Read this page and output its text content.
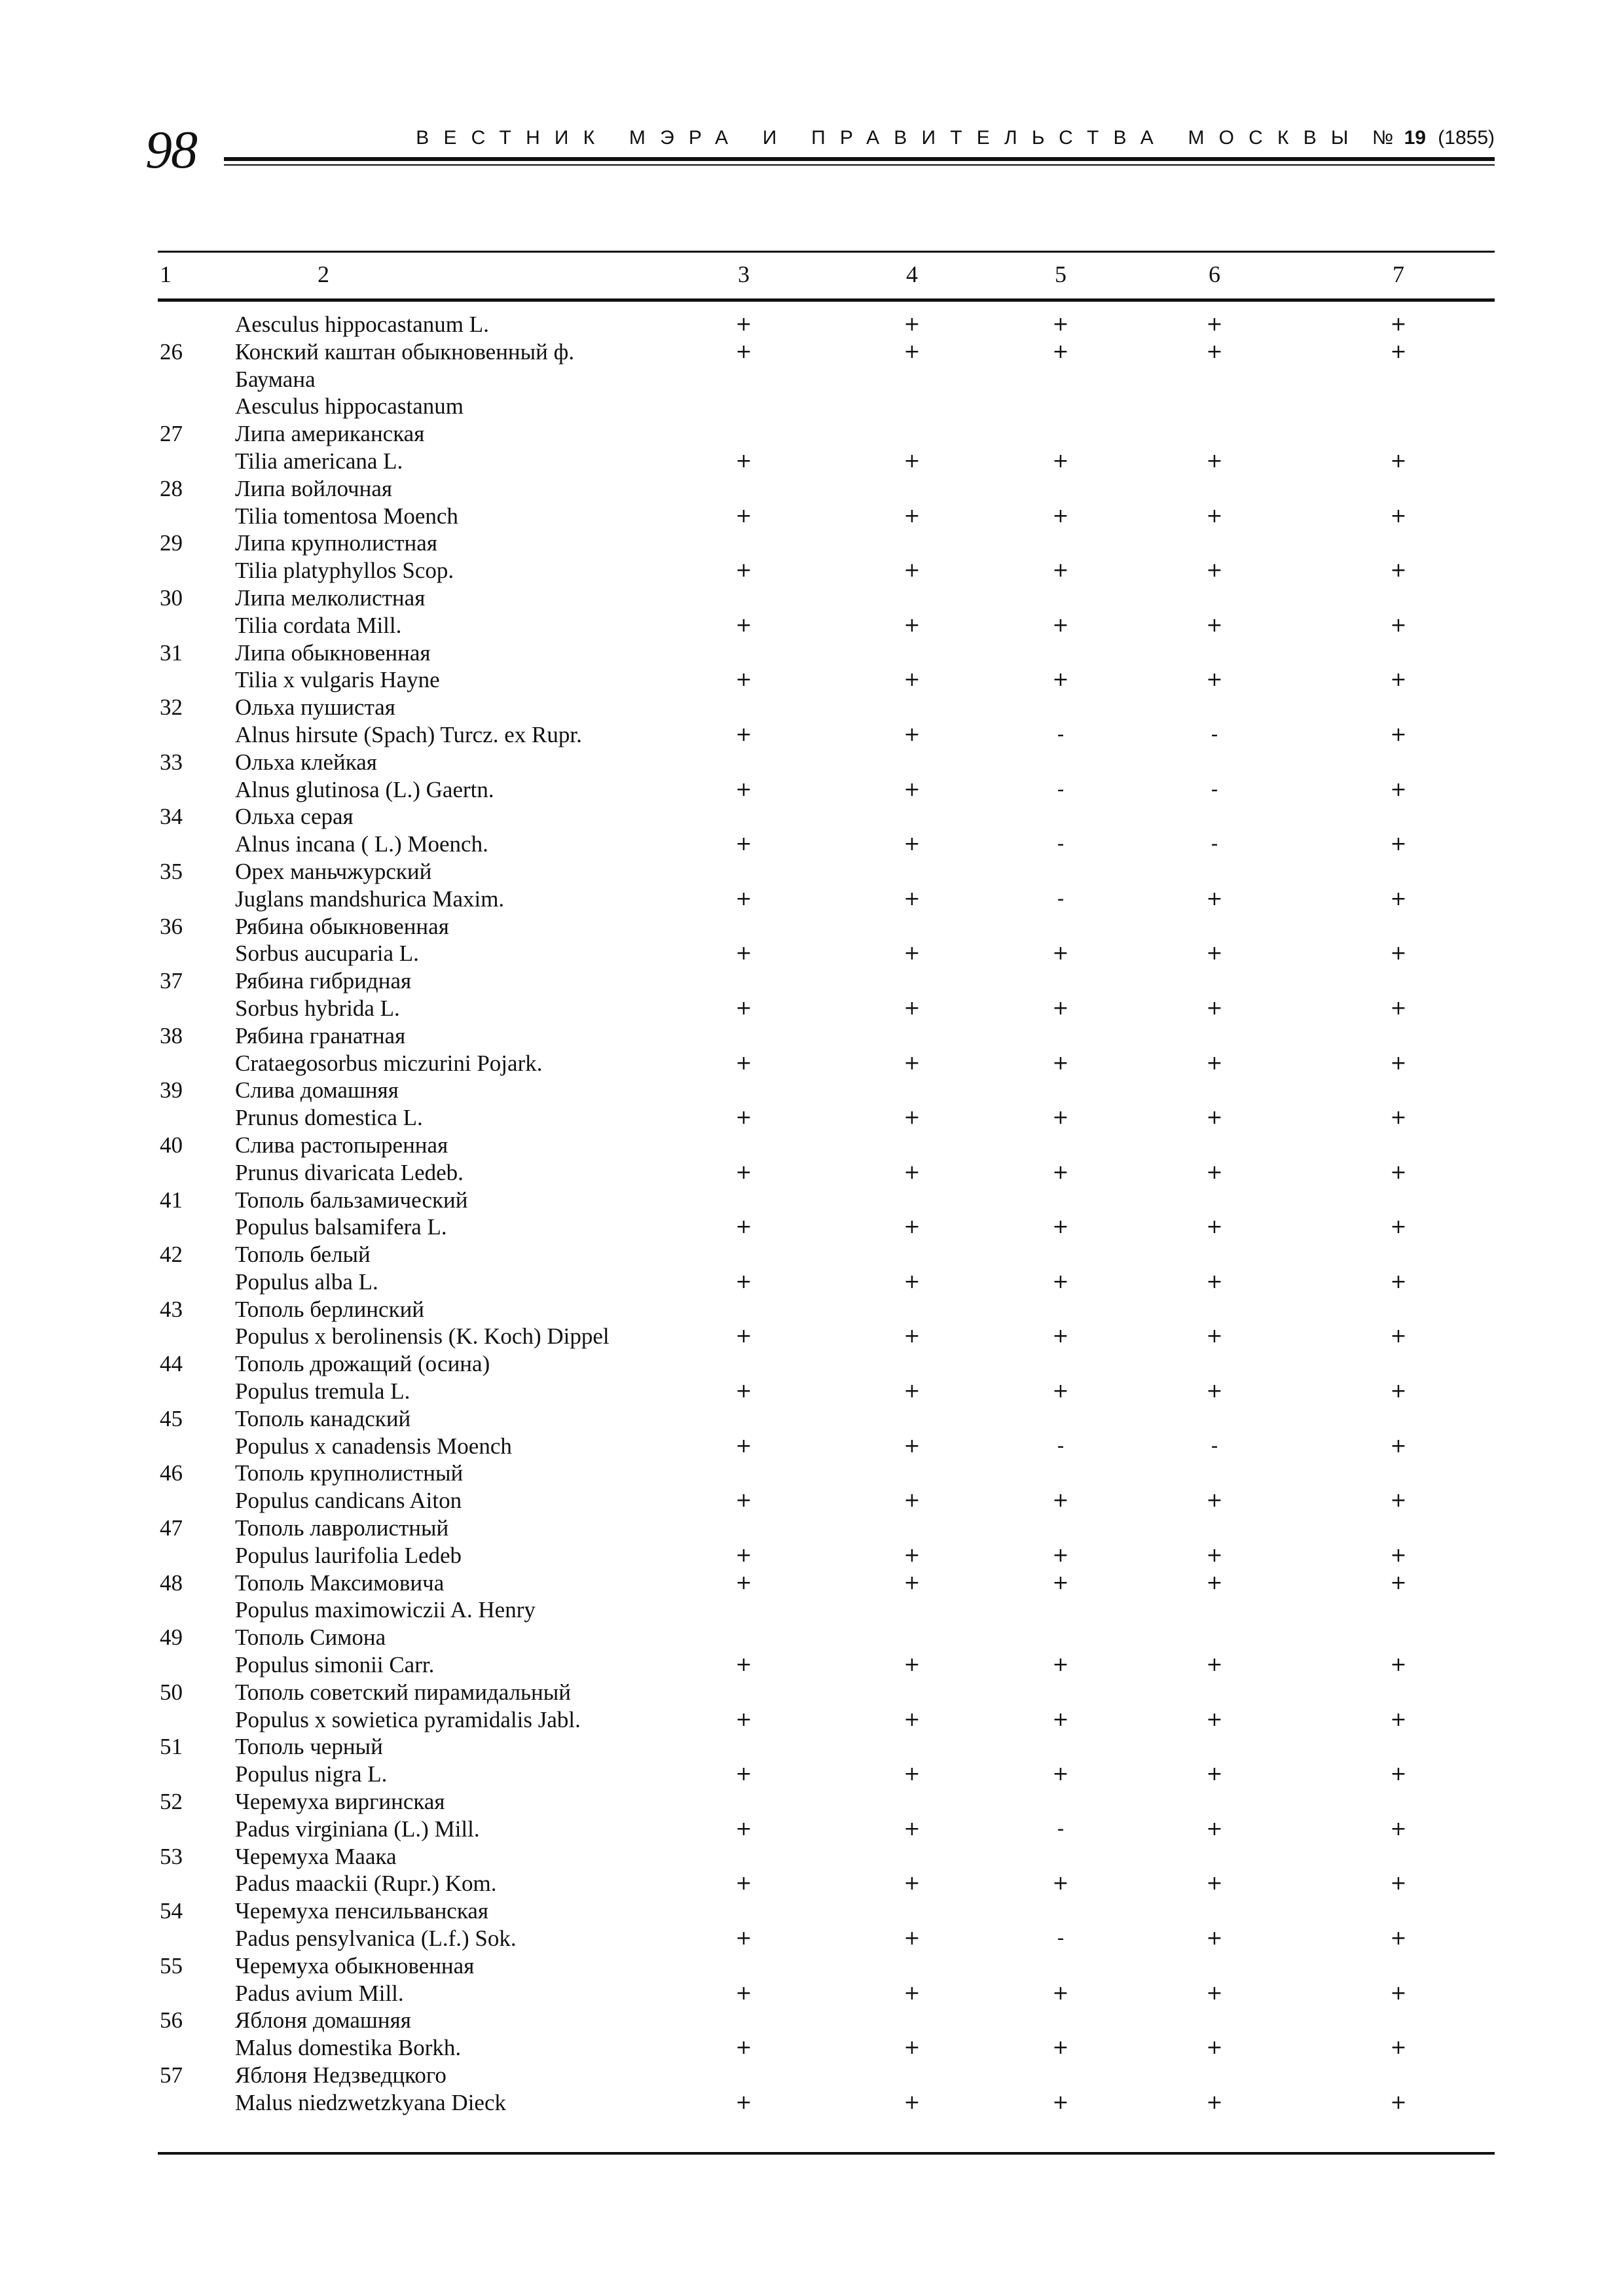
98	ВЕСТНИК МЭРА И ПРАВИТЕЛЬСТВА МОСКВЫ № 19 (1855)
1	2	3	4	5	6	7
Aesculus hippocastanum L.	+	+	+	+	+
26 Конский каштан обыкновенный ф.	+	+	+	+	+
Баумана
Aesculus hippocastanum
27 Липа американская
Tilia americana L.	+	+	+	+	+
28 Липа войлочная
Tilia tomentosa Moench	+	+	+	+	+
29 Липа крупнолистная
Tilia platyphyllos Scop.	+	+	+	+	+
30 Липа мелколистная
Tilia cordata Mill.	+	+	+	+	+
31 Липа обыкновенная
Tilia x vulgaris Hayne	+	+	+	+	+
32 Ольха пушистая
Alnus hirsute (Spach) Turcz. ex Rupr.	+	+	-	-	+
33 Ольха клейкая
Alnus glutinosa (L.) Gaertn.	+	+	-	-	+
34 Ольха серая
Alnus incana ( L.) Moench.	+	+	-	-	+
35 Орех маньчжурский
Juglans mandshurica Maxim.	+	+	-	+	+
36 Рябина обыкновенная
Sorbus aucuparia L.	+	+	+	+	+
37 Рябина гибридная
Sorbus hybrida L.	+	+	+	+	+
38 Рябина гранатная
Crataegosorbus miczurini Pojark.	+	+	+	+	+
39 Слива домашняя
Prunus domestica L.	+	+	+	+	+
40 Слива растопыренная
Prunus divaricata Ledeb.	+	+	+	+	+
41 Тополь бальзамический
Populus balsamifera L.	+	+	+	+	+
42 Тополь белый
Populus alba L.	+	+	+	+	+
43 Тополь берлинский
Populus x berolinensis (K. Koch) Dippel	+	+	+	+	+
44 Тополь дрожащий (осина)
Populus tremula L.	+	+	+	+	+
45 Тополь канадский
Populus x canadensis Moench	+	+	-	-	+
46 Тополь крупнолистный
Populus candicans Aiton	+	+	+	+	+
47 Тополь лавролистный
Populus laurifolia Ledeb	+	+	+	+	+
48 Тополь Максимовича	+	+	+	+	+
Populus maximowiczii A. Henry
49 Тополь Симона
Populus simonii Carr.	+	+	+	+	+
50 Тополь советский пирамидальный
Populus x sowietica pyramidalis Jabl.	+	+	+	+	+
51 Тополь черный
Populus nigra L.	+	+	+	+	+
52 Черемуха виргинская
Padus virginiana (L.) Mill.	+	+	-	+	+
53 Черемуха Маака
Padus maackii (Rupr.) Kom.	+	+	+	+	+
54 Черемуха пенсильванская
Padus pensylvanica (L.f.) Sok.	+	+	-	+	+
55 Черемуха обыкновенная
Padus avium Mill.	+	+	+	+	+
56 Яблоня домашняя
Malus domestika Borkh.	+	+	+	+	+
57 Яблоня Недзведцкого
Malus niedzwetzkyana Dieck	+	+	+	+	+
